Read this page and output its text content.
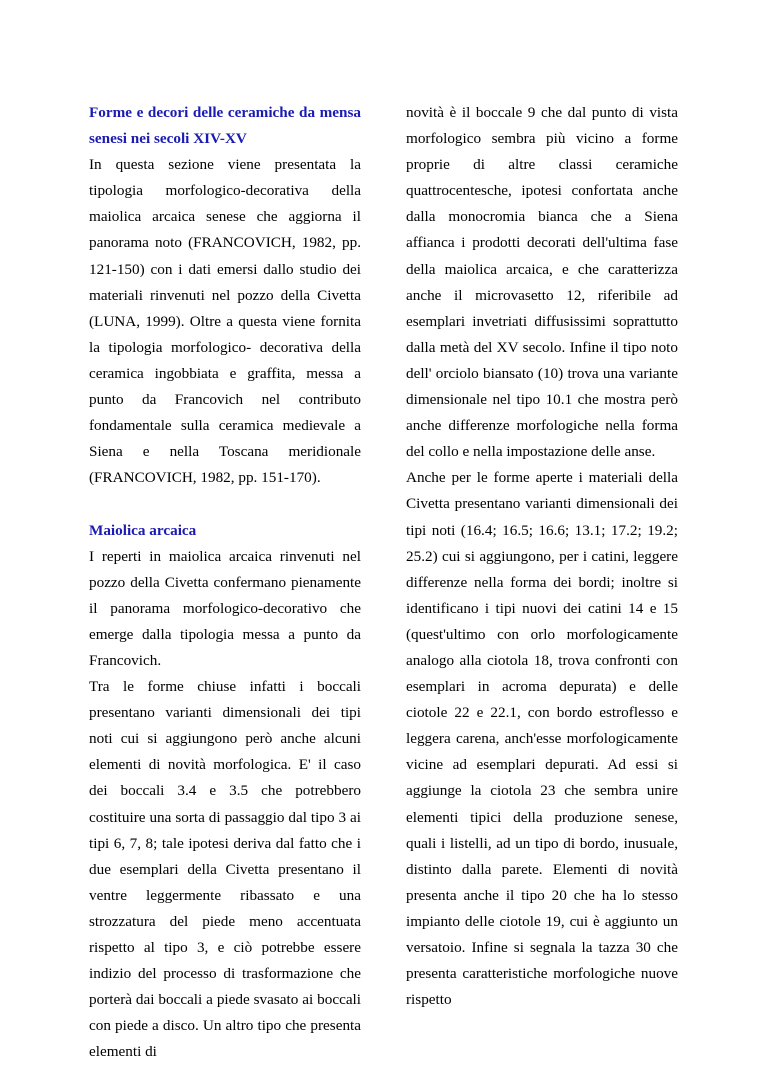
Forme e decori delle ceramiche da mensa senesi nei secoli XIV-XV
In questa sezione viene presentata la tipologia morfologico-decorativa della maiolica arcaica senese che aggiorna il panorama noto (FRANCOVICH, 1982, pp. 121-150) con i dati emersi dallo studio dei materiali rinvenuti nel pozzo della Civetta (LUNA, 1999). Oltre a questa viene fornita la tipologia morfologico- decorativa della ceramica ingobbiata e graffita, messa a punto da Francovich nel contributo fondamentale sulla ceramica medievale a Siena e nella Toscana meridionale (FRANCOVICH, 1982, pp. 151-170).
Maiolica arcaica
I reperti in maiolica arcaica rinvenuti nel pozzo della Civetta confermano pienamente il panorama morfologico-decorativo che emerge dalla tipologia messa a punto da Francovich.
Tra le forme chiuse infatti i boccali presentano varianti dimensionali dei tipi noti cui si aggiungono però anche alcuni elementi di novità morfologica. E' il caso dei boccali 3.4 e 3.5 che potrebbero costituire una sorta di passaggio dal tipo 3 ai tipi 6, 7, 8; tale ipotesi deriva dal fatto che i due esemplari della Civetta presentano il ventre leggermente ribassato e una strozzatura del piede meno accentuata rispetto al tipo 3, e ciò potrebbe essere indizio del processo di trasformazione che porterà dai boccali a piede svasato ai boccali con piede a disco. Un altro tipo che presenta elementi di
novità è il boccale 9 che dal punto di vista morfologico sembra più vicino a forme proprie di altre classi ceramiche quattrocentesche, ipotesi confortata anche dalla monocromia bianca che a Siena affianca i prodotti decorati dell'ultima fase della maiolica arcaica, e che caratterizza anche il microvasetto 12, riferibile ad esemplari invetriati diffusissimi soprattutto dalla metà del XV secolo. Infine il tipo noto dell' orciolo biansato (10) trova una variante dimensionale nel tipo 10.1 che mostra però anche differenze morfologiche nella forma del collo e nella impostazione delle anse.
Anche per le forme aperte i materiali della Civetta presentano varianti dimensionali dei tipi noti (16.4; 16.5; 16.6; 13.1; 17.2; 19.2; 25.2) cui si aggiungono, per i catini, leggere differenze nella forma dei bordi; inoltre si identificano i tipi nuovi dei catini 14 e 15 (quest'ultimo con orlo morfologicamente analogo alla ciotola 18, trova confronti con esemplari in acroma depurata) e delle ciotole 22 e 22.1, con bordo estroflesso e leggera carena, anch'esse morfologicamente vicine ad esemplari depurati. Ad essi si aggiunge la ciotola 23 che sembra unire elementi tipici della produzione senese, quali i listelli, ad un tipo di bordo, inusuale, distinto dalla parete. Elementi di novità presenta anche il tipo 20 che ha lo stesso impianto delle ciotole 19, cui è aggiunto un versatoio. Infine si segnala la tazza 30 che presenta caratteristiche morfologiche nuove rispetto
